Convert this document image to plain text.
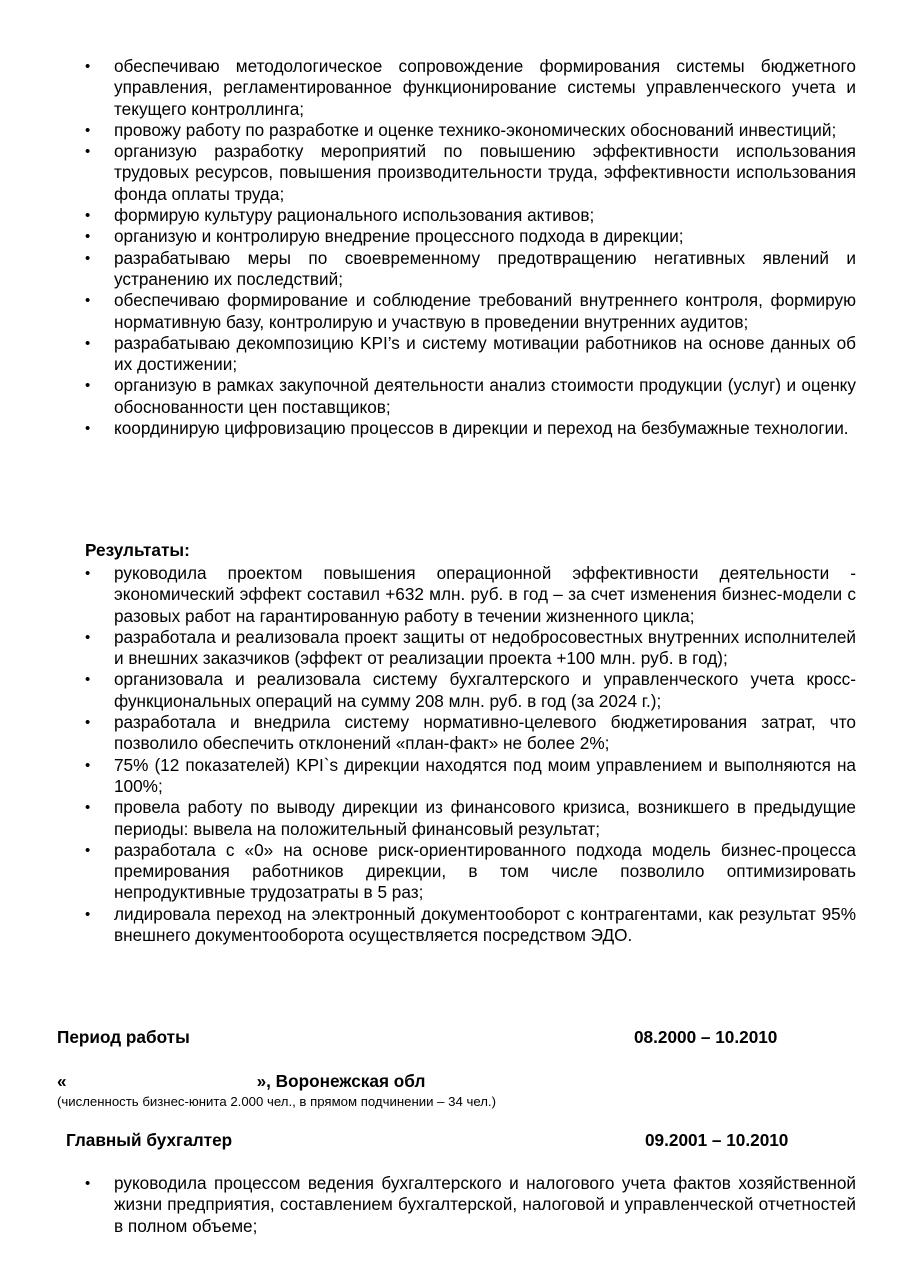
• обеспечиваю методологическое сопровождение формирования системы бюджетного управления, регламентированное функционирование системы управленческого учета и текущего контроллинга;
• провожу работу по разработке и оценке технико-экономических обоснований инвестиций;
• организую разработку мероприятий по повышению эффективности использования трудовых ресурсов, повышения производительности труда, эффективности использования фонда оплаты труда;
• формирую культуру рационального использования активов;
• организую и контролирую внедрение процессного подхода в дирекции;
• разрабатываю меры по своевременному предотвращению негативных явлений и устранению их последствий;
• обеспечиваю формирование и соблюдение требований внутреннего контроля, формирую нормативную базу, контролирую и участвую в проведении внутренних аудитов;
• разрабатываю декомпозицию KPI’s и систему мотивации работников на основе данных об их достижении;
• организую в рамках закупочной деятельности анализ стоимости продукции (услуг) и оценку обоснованности цен поставщиков;
• координирую цифровизацию процессов в дирекции и переход на безбумажные технологии.
Результаты:
• руководила проектом повышения операционной эффективности деятельности - экономический эффект составил +632 млн. руб. в год – за счет изменения бизнес-модели с разовых работ на гарантированную работу в течении жизненного цикла;
• разработала и реализовала проект защиты от недобросовестных внутренних исполнителей и внешних заказчиков (эффект от реализации проекта +100 млн. руб. в год);
• организовала и реализовала систему бухгалтерского и управленческого учета кросс-функциональных операций на сумму 208 млн. руб. в год (за 2024 г.);
• разработала и внедрила систему нормативно-целевого бюджетирования затрат, что позволило обеспечить отклонений «план-факт» не более 2%;
• 75% (12 показателей) KPI`s дирекции находятся под моим управлением и выполняются на 100%;
• провела работу по выводу дирекции из финансового кризиса, возникшего в предыдущие периоды: вывела на положительный финансовый результат;
• разработала с «0» на основе риск-ориентированного подхода модель бизнес-процесса премирования работников дирекции, в том числе позволило оптимизировать непродуктивные трудозатраты в 5 раз;
• лидировала переход на электронный документооборот с контрагентами, как результат 95% внешнего документооборота осуществляется посредством ЭДО.
Период работы	08.2000 – 10.2010
«	», Воронежская обл
(численность бизнес-юнита 2.000 чел., в прямом подчинении – 34 чел.)
Главный бухгалтер	09.2001 – 10.2010
• руководила процессом ведения бухгалтерского и налогового учета фактов хозяйственной жизни предприятия, составлением бухгалтерской, налоговой и управленческой отчетностей в полном объеме;
